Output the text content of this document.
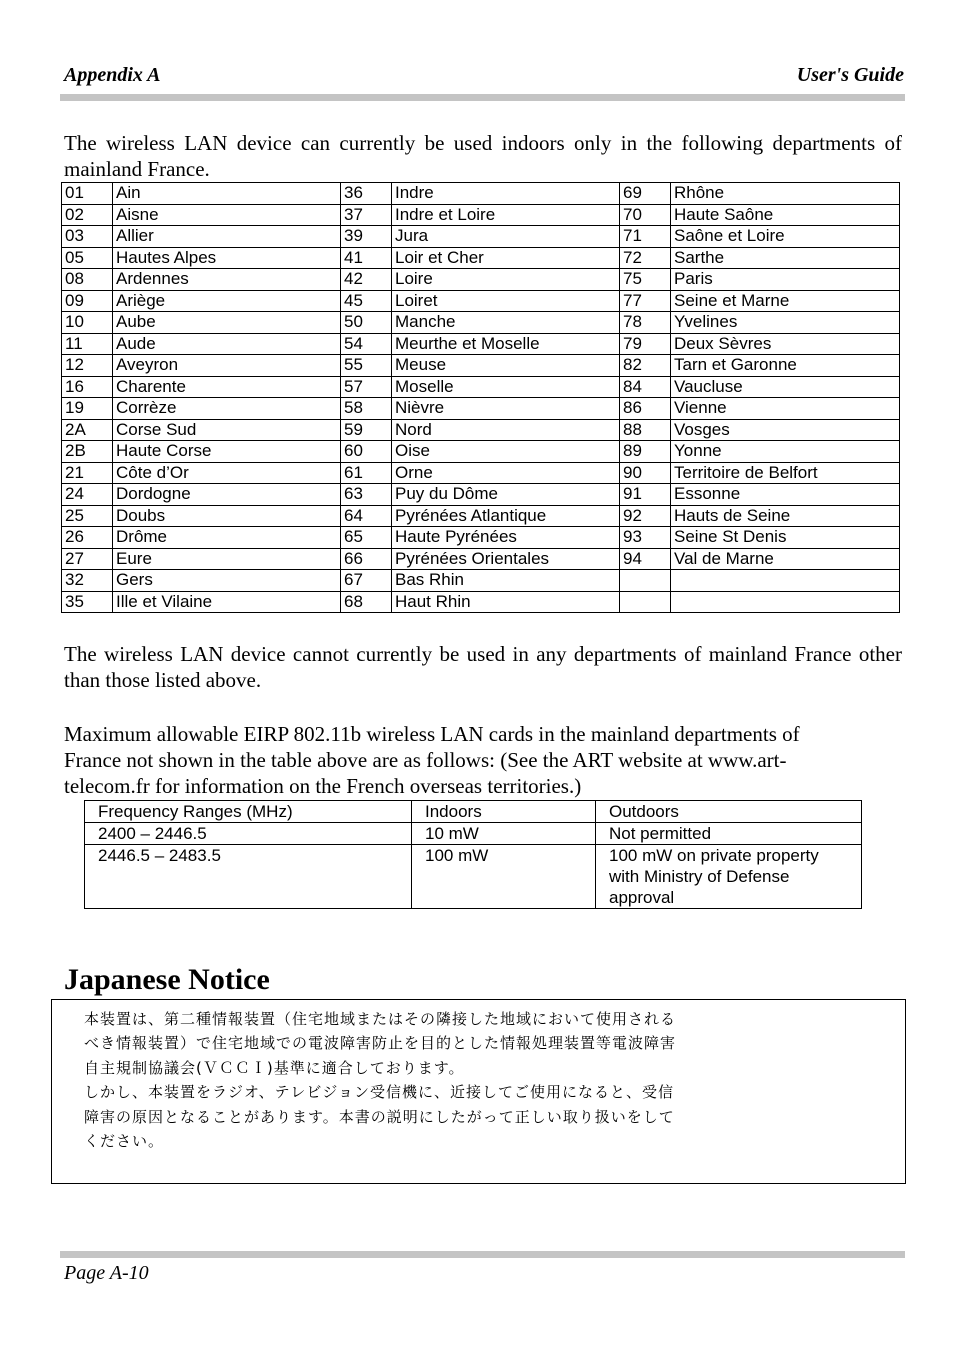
Appendix A	User's Guide
The wireless LAN device can currently be used indoors only in the following departments of mainland France.
01	Ain	36	Indre	69	Rhône
02	Aisne	37	Indre et Loire	70	Haute Saône
03	Allier	39	Jura	71	Saône et Loire
05	Hautes Alpes	41	Loir et Cher	72	Sarthe
08	Ardennes	42	Loire	75	Paris
09	Ariège	45	Loiret	77	Seine et Marne
10	Aube	50	Manche	78	Yvelines
11	Aude	54	Meurthe et Moselle	79	Deux Sèvres
12	Aveyron	55	Meuse	82	Tarn et Garonne
16	Charente	57	Moselle	84	Vaucluse
19	Corrèze	58	Nièvre	86	Vienne
2A	Corse Sud	59	Nord	88	Vosges
2B	Haute Corse	60	Oise	89	Yonne
21	Côte d’Or	61	Orne	90	Territoire de Belfort
24	Dordogne	63	Puy du Dôme	91	Essonne
25	Doubs	64	Pyrénées Atlantique	92	Hauts de Seine
26	Drôme	65	Haute Pyrénées	93	Seine St Denis
27	Eure	66	Pyrénées Orientales	94	Val de Marne
32	Gers	67	Bas Rhin		
35	Ille et Vilaine	68	Haut Rhin		
The wireless LAN device cannot currently be used in any departments of mainland France other than those listed above.
Maximum allowable EIRP 802.11b wireless LAN cards in the mainland departments of
France not shown in the table above are as follows: (See the ART website at www.art-
telecom.fr for information on the French overseas territories.)
Frequency Ranges (MHz)	Indoors	Outdoors
2400 – 2446.5	10 mW	Not permitted
2446.5 – 2483.5	100 mW	100 mW on private property with Ministry of Defense approval
Japanese Notice
本装置は、第二種情報装置（住宅地域またはその隣接した地域において使用される
べき情報装置）で住宅地域での電波障害防止を目的とした情報処理装置等電波障害
自主規制協議会(ＶＣＣＩ)基準に適合しております。
しかし、本装置をラジオ、テレビジョン受信機に、近接してご使用になると、受信
障害の原因となることがあります。本書の説明にしたがって正しい取り扱いをして
ください。
Page A-10
